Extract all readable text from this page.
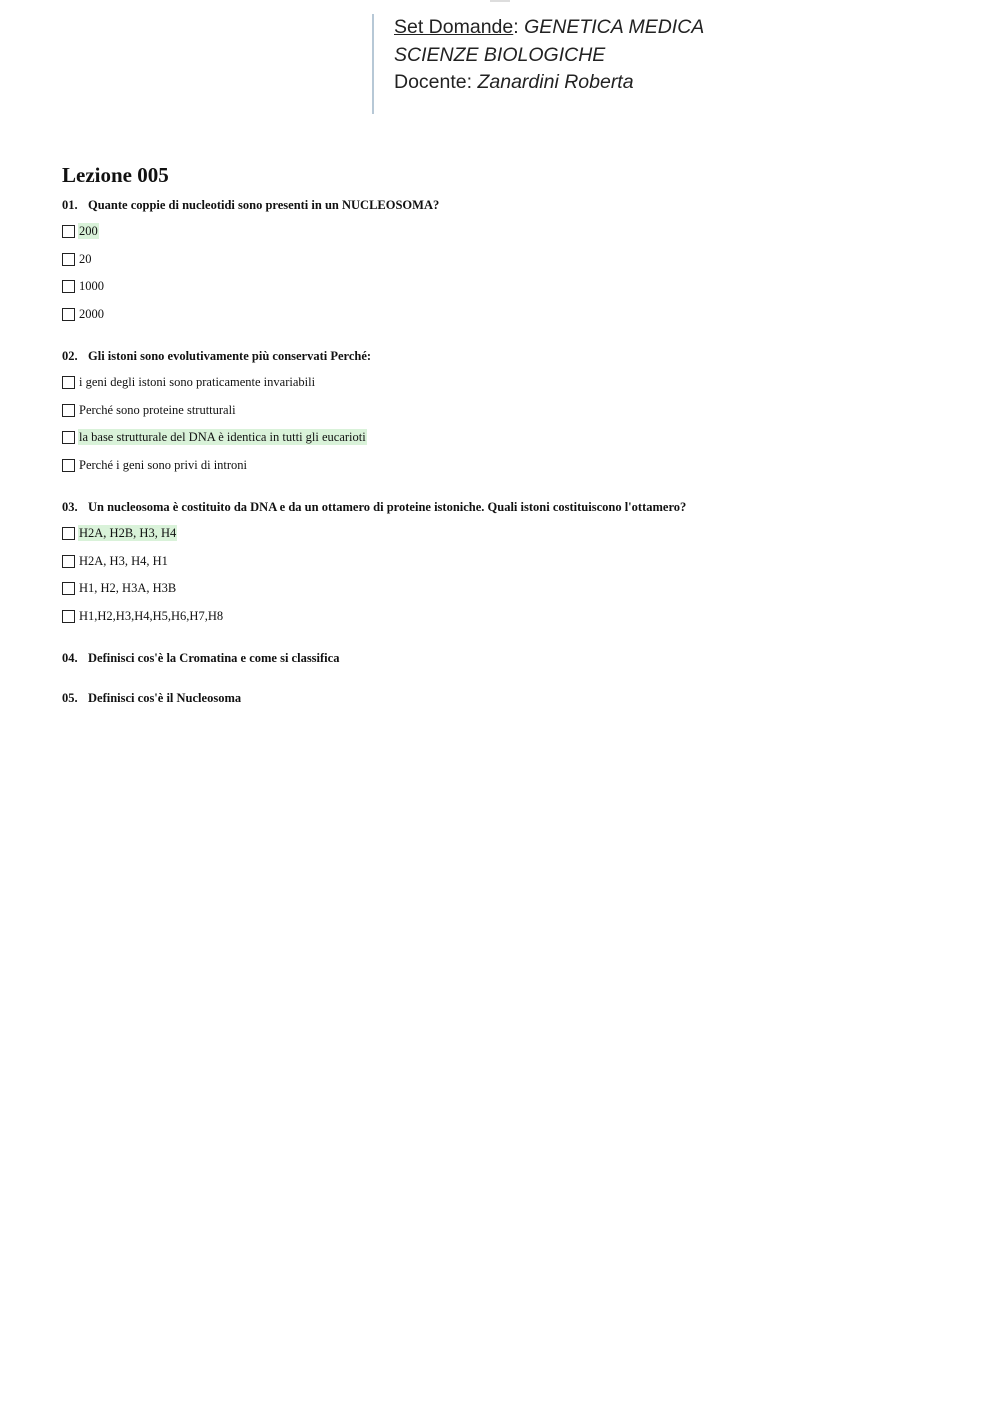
Set Domande: GENETICA MEDICA
SCIENZE BIOLOGICHE
Docente: Zanardini Roberta
Lezione 005
01. Quante coppie di nucleotidi sono presenti in un NUCLEOSOMA?
200
20
1000
2000
02. Gli istoni sono evolutivamente più conservati Perché:
i geni degli istoni sono praticamente invariabili
Perché sono proteine strutturali
la base strutturale del DNA è identica in tutti gli eucarioti
Perché i geni sono privi di introni
03. Un nucleosoma è costituito da DNA e da un ottamero di proteine istoniche. Quali istoni costituiscono l'ottamero?
H2A, H2B, H3, H4
H2A, H3, H4, H1
H1, H2, H3A, H3B
H1,H2,H3,H4,H5,H6,H7,H8
04. Definisci cos'è la Cromatina e come si classifica
05. Definisci cos'è il Nucleosoma
